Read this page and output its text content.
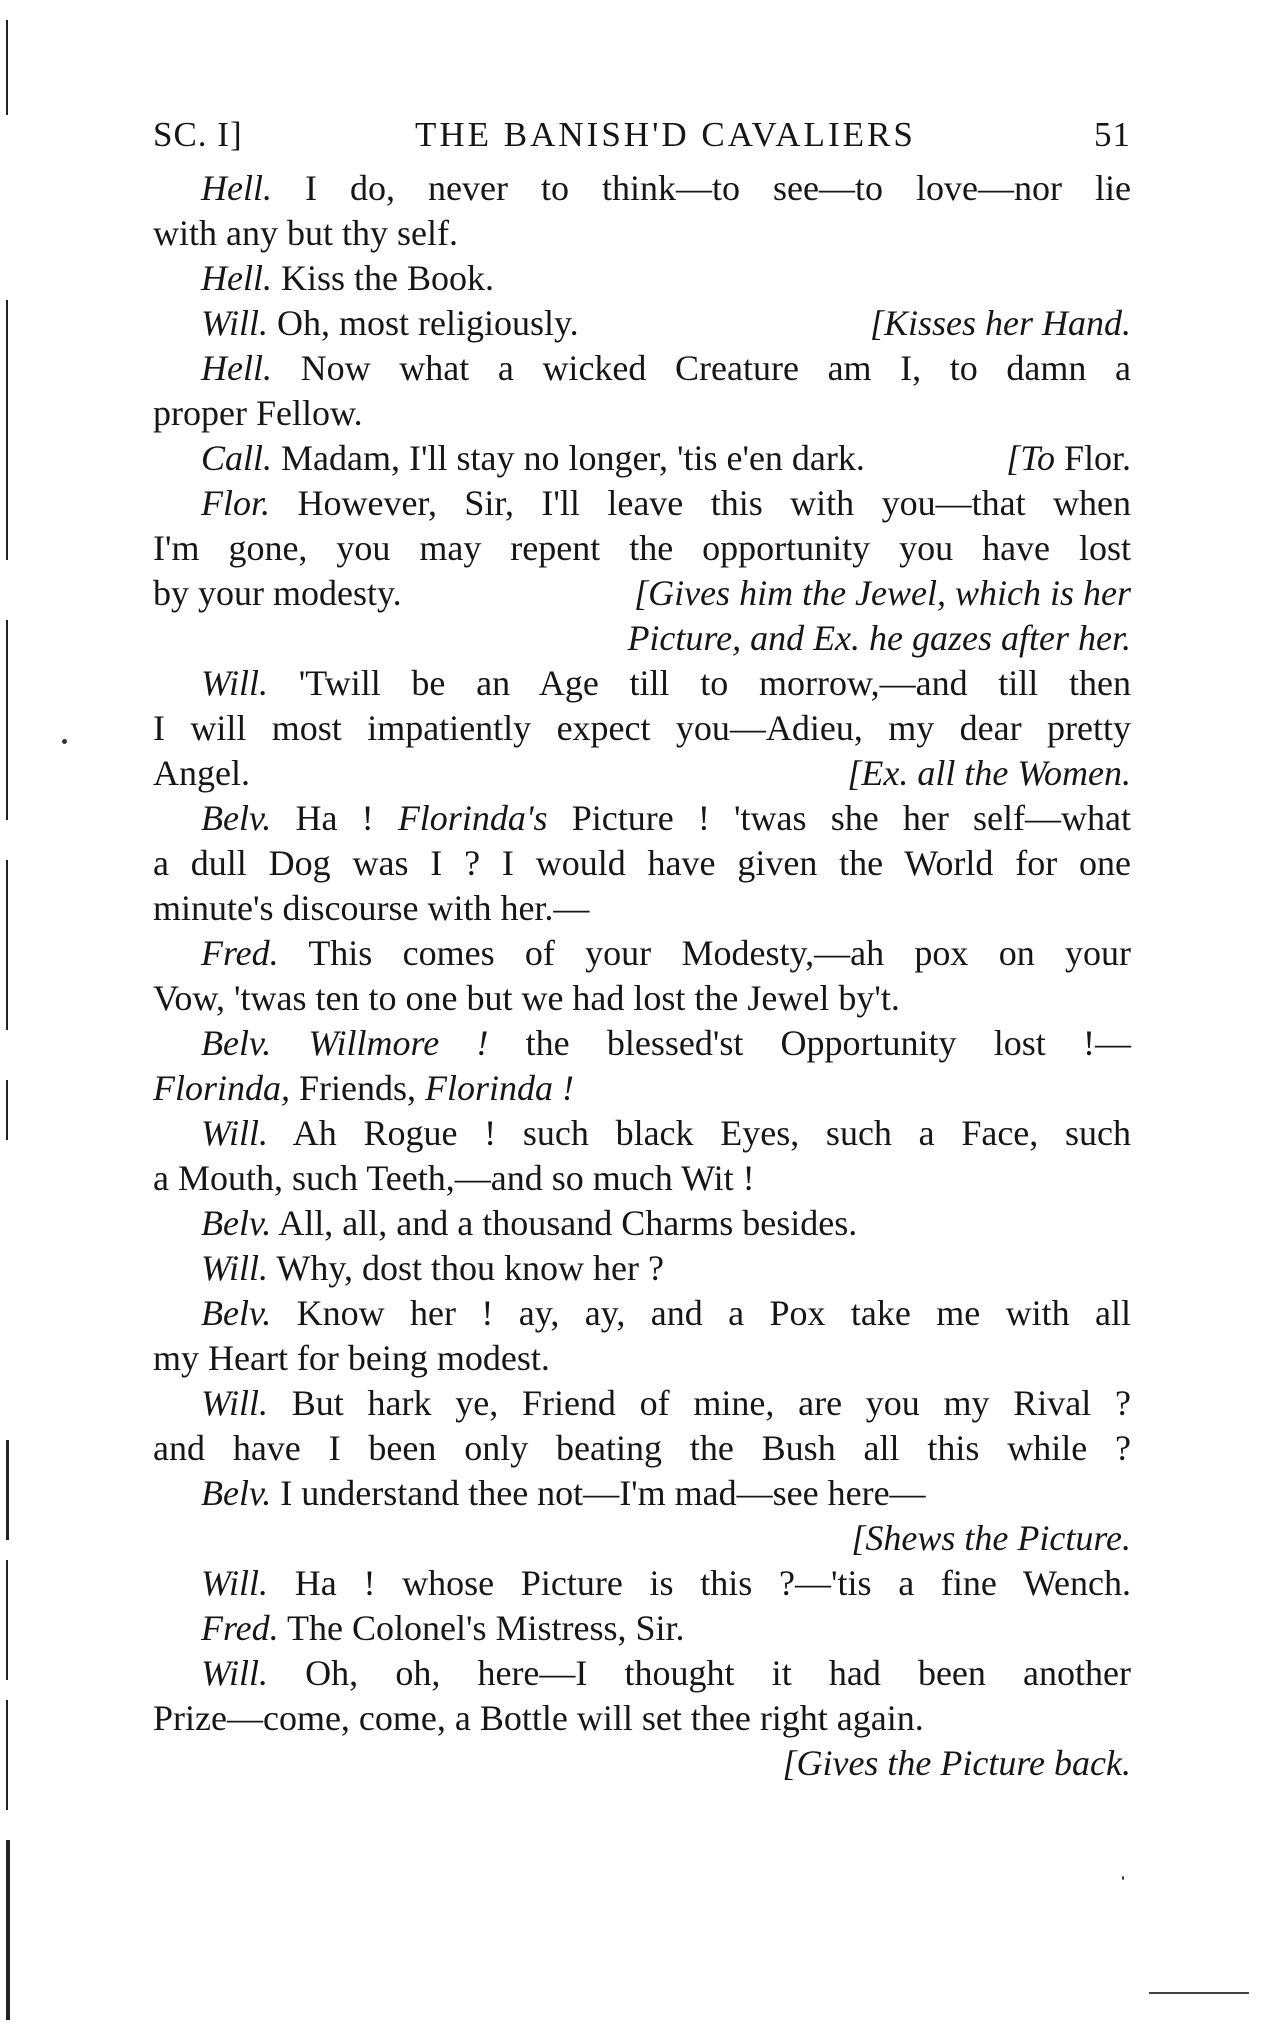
SC. I]	THE BANISH'D CAVALIERS	51
Hell. I do, never to think—to see—to love—nor lie
with any but thy self.
Hell. Kiss the Book.
Will. Oh, most religiously.	[Kisses her Hand.
Hell. Now what a wicked Creature am I, to damn a
proper Fellow.
Call. Madam, I'll stay no longer, 'tis e'en dark.	[To Flor.
Flor. However, Sir, I'll leave this with you—that when
I'm gone, you may repent the opportunity you have lost
by your modesty.	[Gives him the Jewel, which is her
Picture, and Ex. he gazes after her.
Will. 'Twill be an Age till to morrow,—and till then
I will most impatiently expect you—Adieu, my dear pretty
Angel.	[Ex. all the Women.
Belv. Ha ! Florinda's Picture ! 'twas she her self—what
a dull Dog was I ? I would have given the World for one
minute's discourse with her.—
Fred. This comes of your Modesty,—ah pox on your
Vow, 'twas ten to one but we had lost the Jewel by't.
Belv. Willmore ! the blessed'st Opportunity lost !—
Florinda, Friends, Florinda !
Will. Ah Rogue ! such black Eyes, such a Face, such
a Mouth, such Teeth,—and so much Wit !
Belv. All, all, and a thousand Charms besides.
Will. Why, dost thou know her ?
Belv. Know her ! ay, ay, and a Pox take me with all
my Heart for being modest.
Will. But hark ye, Friend of mine, are you my Rival ?
and have I been only beating the Bush all this while ?
Belv. I understand thee not—I'm mad—see here—
[Shews the Picture.
Will. Ha ! whose Picture is this ?—'tis a fine Wench.
Fred. The Colonel's Mistress, Sir.
Will. Oh, oh, here—I thought it had been another
Prize—come, come, a Bottle will set thee right again.
[Gives the Picture back.
